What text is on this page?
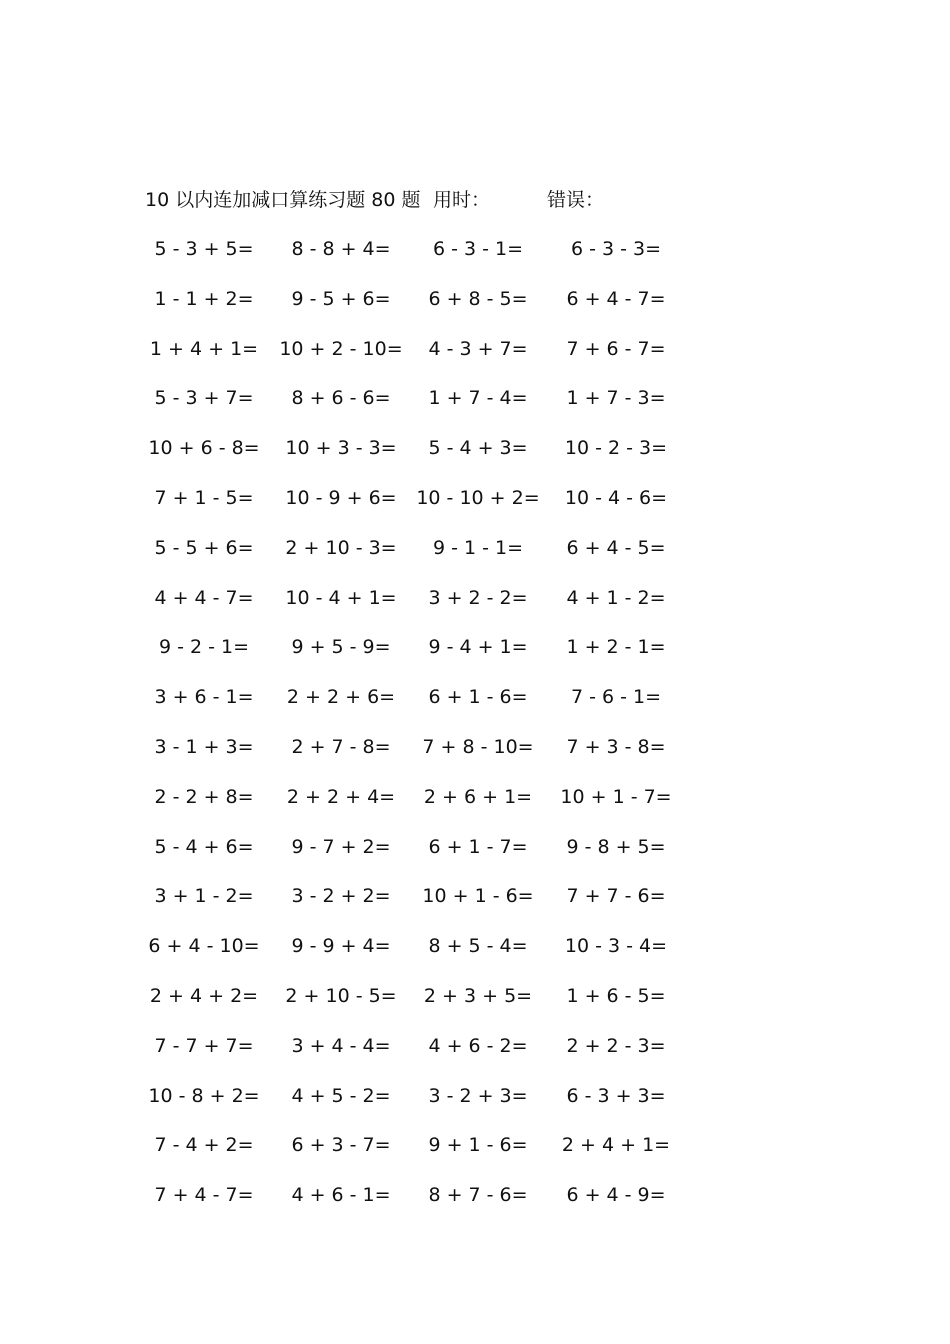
10 以内连加减口算练习题 80 题 用时：	错误：
5 - 3 + 5=	8 - 8 + 4=	6 - 3 - 1=	6 - 3 - 3=
1 - 1 + 2=	9 - 5 + 6=	6 + 8 - 5=	6 + 4 - 7=
1 + 4 + 1=	10 + 2 - 10=	4 - 3 + 7=	7 + 6 - 7=
5 - 3 + 7=	8 + 6 - 6=	1 + 7 - 4=	1 + 7 - 3=
10 + 6 - 8=	10 + 3 - 3=	5 - 4 + 3=	10 - 2 - 3=
7 + 1 - 5=	10 - 9 + 6=	10 - 10 + 2=	10 - 4 - 6=
5 - 5 + 6=	2 + 10 - 3=	9 - 1 - 1=	6 + 4 - 5=
4 + 4 - 7=	10 - 4 + 1=	3 + 2 - 2=	4 + 1 - 2=
9 - 2 - 1=	9 + 5 - 9=	9 - 4 + 1=	1 + 2 - 1=
3 + 6 - 1=	2 + 2 + 6=	6 + 1 - 6=	7 - 6 - 1=
3 - 1 + 3=	2 + 7 - 8=	7 + 8 - 10=	7 + 3 - 8=
2 - 2 + 8=	2 + 2 + 4=	2 + 6 + 1=	10 + 1 - 7=
5 - 4 + 6=	9 - 7 + 2=	6 + 1 - 7=	9 - 8 + 5=
3 + 1 - 2=	3 - 2 + 2=	10 + 1 - 6=	7 + 7 - 6=
6 + 4 - 10=	9 - 9 + 4=	8 + 5 - 4=	10 - 3 - 4=
2 + 4 + 2=	2 + 10 - 5=	2 + 3 + 5=	1 + 6 - 5=
7 - 7 + 7=	3 + 4 - 4=	4 + 6 - 2=	2 + 2 - 3=
10 - 8 + 2=	4 + 5 - 2=	3 - 2 + 3=	6 - 3 + 3=
7 - 4 + 2=	6 + 3 - 7=	9 + 1 - 6=	2 + 4 + 1=
7 + 4 - 7=	4 + 6 - 1=	8 + 7 - 6=	6 + 4 - 9=
